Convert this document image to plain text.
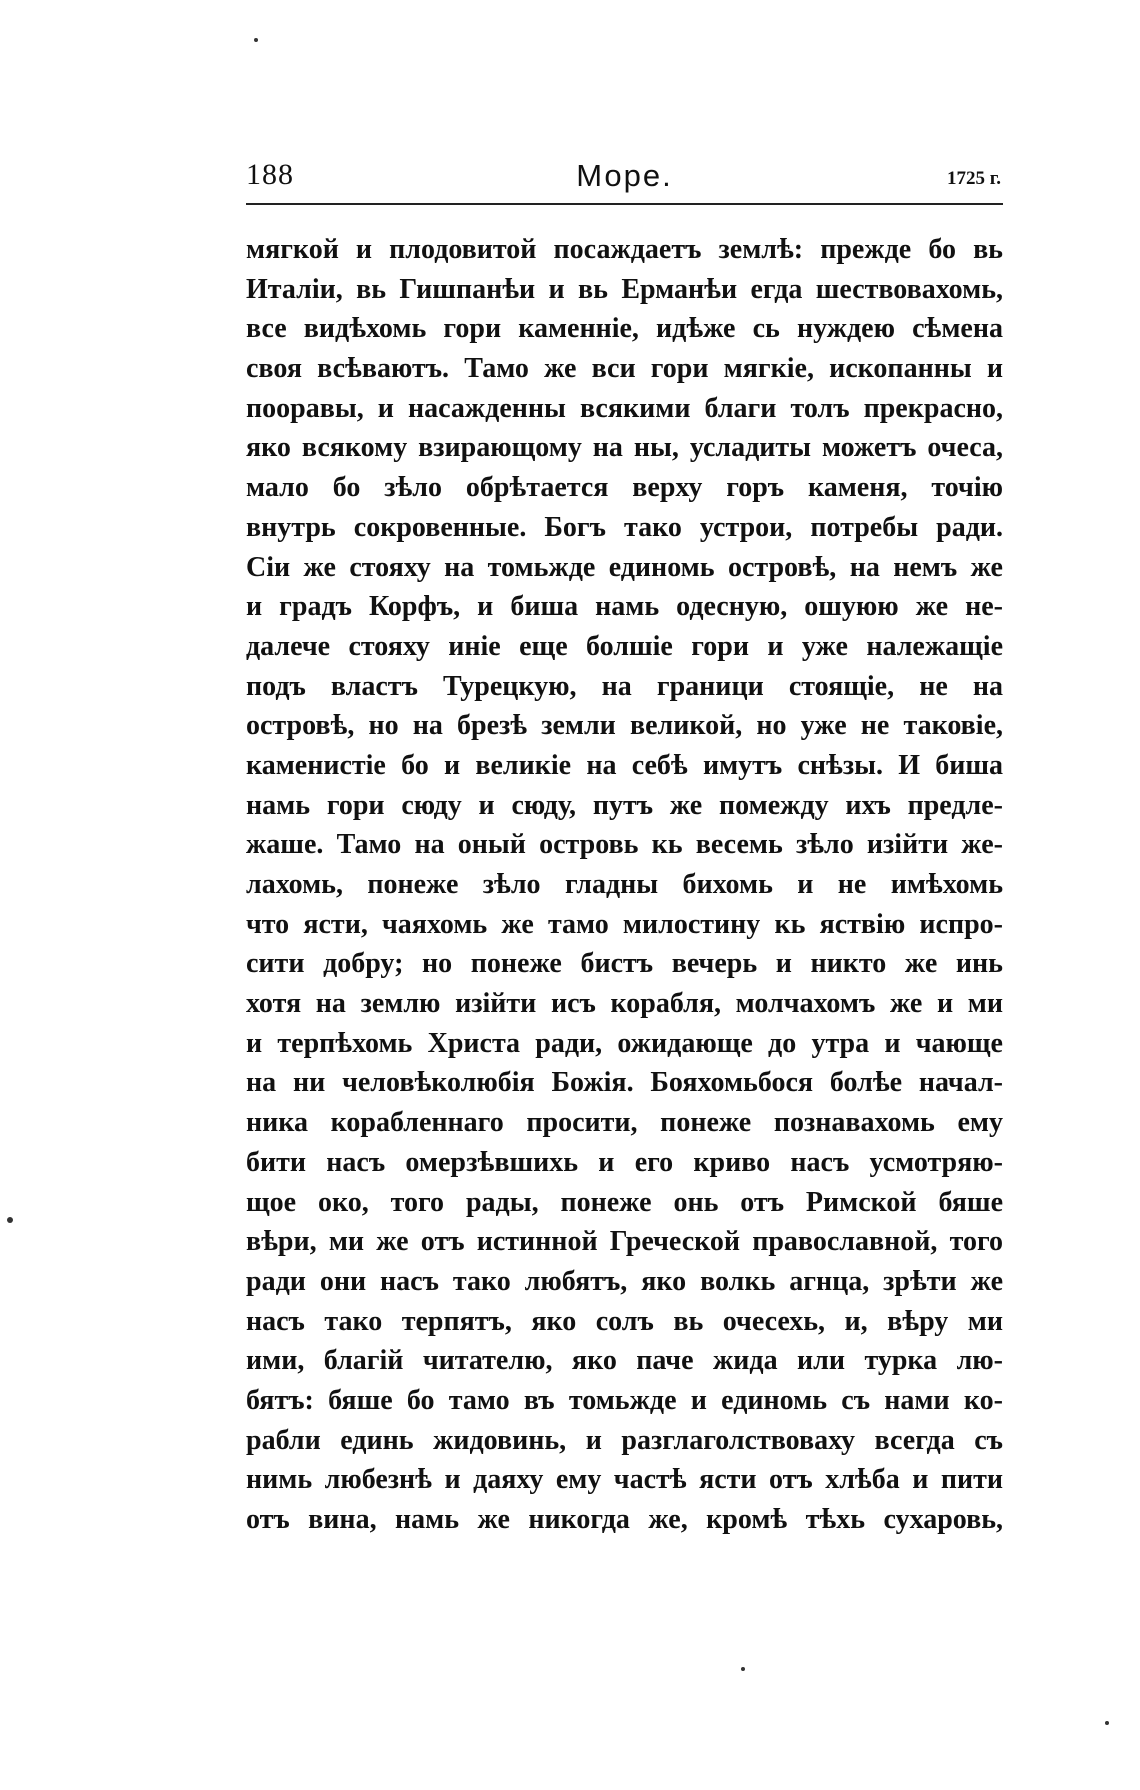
188	Море.	1725 г.
мягкой и плодовитой посаждаетъ землѣ: прежде бо вь
Италіи, вь Гишпанѣи и вь Ерманѣи егда шествовахомь,
все видѣхомь гори каменніе, идѣже сь нуждею сѣмена
своя всѣваютъ. Тамо же вси гори мягкіе, ископанны и
пооравы, и насажденны всякими благи толъ прекрасно,
яко всякому взирающому на ны, усладиты можетъ очеса,
мало бо зѣло обрѣтается верху горъ каменя, точію
внутрь сокровенные. Богъ тако устрои, потребы ради.
Сіи же стояху на томьжде единомь островѣ, на немъ же
и градъ Корфъ, и биша намь одесную, ошуюю же не-
далече стояху иніе еще болшіе гори и уже належащіе
подъ властъ Турецкую, на граници стоящіе, не на
островѣ, но на брезѣ земли великой, но уже не таковіе,
каменистіе бо и великіе на себѣ имутъ снѣзы. И биша
намь гори сюду и сюду, путъ же помежду ихъ предле-
жаше. Тамо на оный островь кь весемь зѣло изійти же-
лахомь, понеже зѣло гладны бихомь и не имѣхомь
что ясти, чаяхомь же тамо милостину кь яствію испро-
сити добру; но понеже бистъ вечерь и никто же инь
хотя на землю изійти исъ корабля, молчахомъ же и ми
и терпѣхомь Христа ради, ожидающе до утра и чающе
на ни человѣколюбія Божія. Бояхомьбося болѣе начал-
ника корабленнаго просити, понеже познавахомь ему
бити насъ омерзѣвшихь и его криво насъ усмотряю-
щое око, того рады, понеже онь отъ Римской бяше
вѣри, ми же отъ истинной Греческой православной, того
ради они насъ тако любятъ, яко волкь агнца, зрѣти же
насъ тако терпятъ, яко солъ вь очесехь, и, вѣру ми
ими, благій читателю, яко паче жида или турка лю-
бятъ: бяше бо тамо въ томьжде и единомь съ нами ко-
рабли единь жидовинь, и разглаголствоваху всегда съ
нимь любезнѣ и даяху ему частѣ ясти отъ хлѣба и пити
отъ вина, намь же никогда же, кромѣ тѣхь сухаровь,
